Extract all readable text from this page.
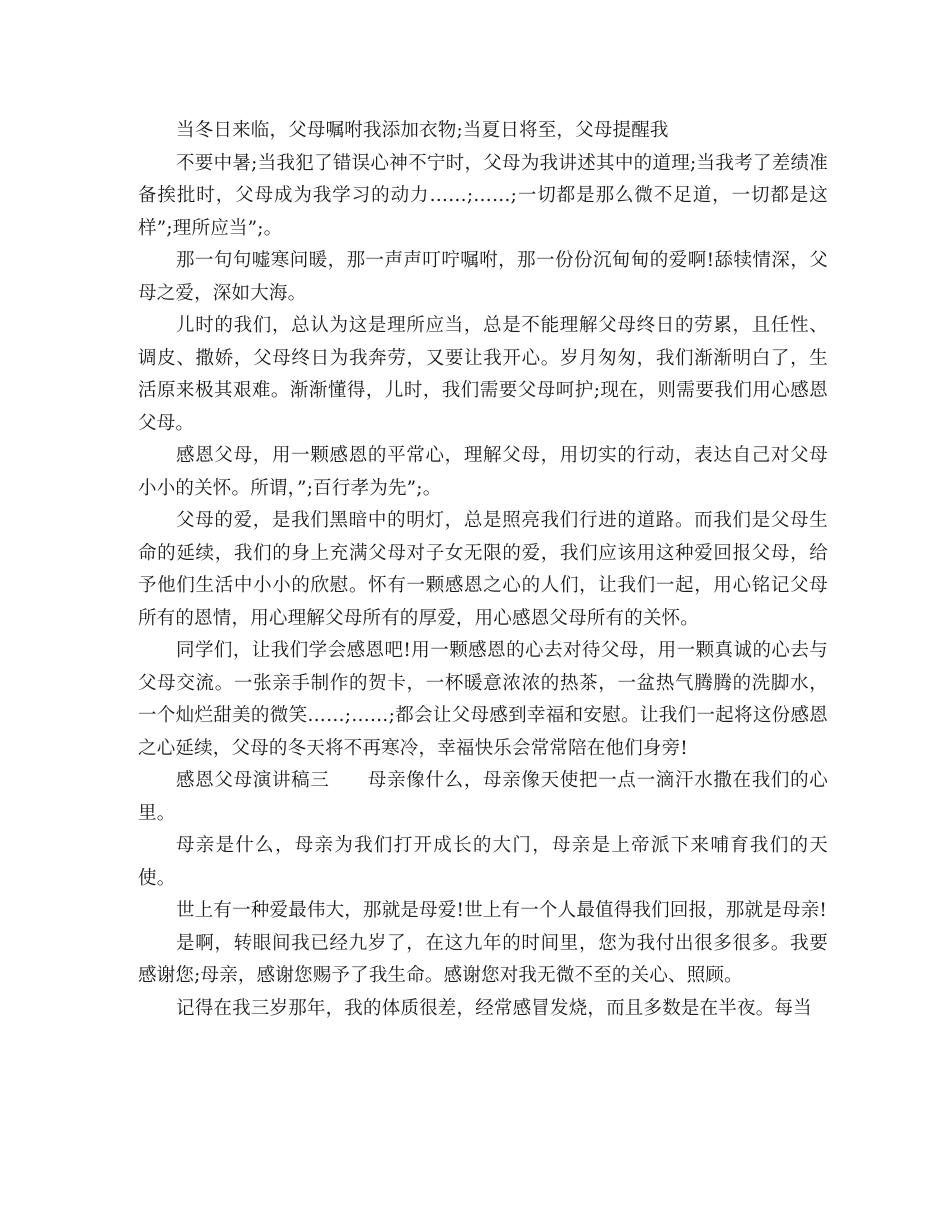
当冬日来临，父母嘱咐我添加衣物;当夏日将至，父母提醒我

不要中暑;当我犯了错误心神不宁时，父母为我讲述其中的道理;当我考了差绩准备挨批时，父母成为我学习的动力……;……;一切都是那么微不足道，一切都是这样”;理所应当”;。

那一句句嘘寒问暖，那一声声叮咛嘱咐，那一份份沉甸甸的爱啊!舔犊情深，父母之爱，深如大海。

儿时的我们，总认为这是理所应当，总是不能理解父母终日的劳累，且任性、调皮、撒娇，父母终日为我奔劳，又要让我开心。岁月匆匆，我们渐渐明白了，生活原来极其艰难。渐渐懂得，儿时，我们需要父母呵护;现在，则需要我们用心感恩父母。

感恩父母，用一颗感恩的平常心，理解父母，用切实的行动，表达自己对父母小小的关怀。所谓，”;百行孝为先”;。

父母的爱，是我们黑暗中的明灯，总是照亮我们行进的道路。而我们是父母生命的延续，我们的身上充满父母对子女无限的爱，我们应该用这种爱回报父母，给予他们生活中小小的欣慰。怀有一颗感恩之心的人们，让我们一起，用心铭记父母所有的恩情，用心理解父母所有的厚爱，用心感恩父母所有的关怀。

同学们，让我们学会感恩吧!用一颗感恩的心去对待父母，用一颗真诚的心去与父母交流。一张亲手制作的贺卡，一杯暖意浓浓的热茶，一盆热气腾腾的洗脚水，一个灿烂甜美的微笑……;……;都会让父母感到幸福和安慰。让我们一起将这份感恩之心延续，父母的冬天将不再寒冷，幸福快乐会常常陪在他们身旁!

感恩父母演讲稿三　　母亲像什么，母亲像天使把一点一滴汗水撒在我们的心里。

母亲是什么，母亲为我们打开成长的大门，母亲是上帝派下来哺育我们的天使。

世上有一种爱最伟大，那就是母爱!世上有一个人最值得我们回报，那就是母亲!

是啊，转眼间我已经九岁了，在这九年的时间里，您为我付出很多很多。我要感谢您;母亲，感谢您赐予了我生命。感谢您对我无微不至的关心、照顾。

记得在我三岁那年，我的体质很差，经常感冒发烧，而且多数是在半夜。每当
